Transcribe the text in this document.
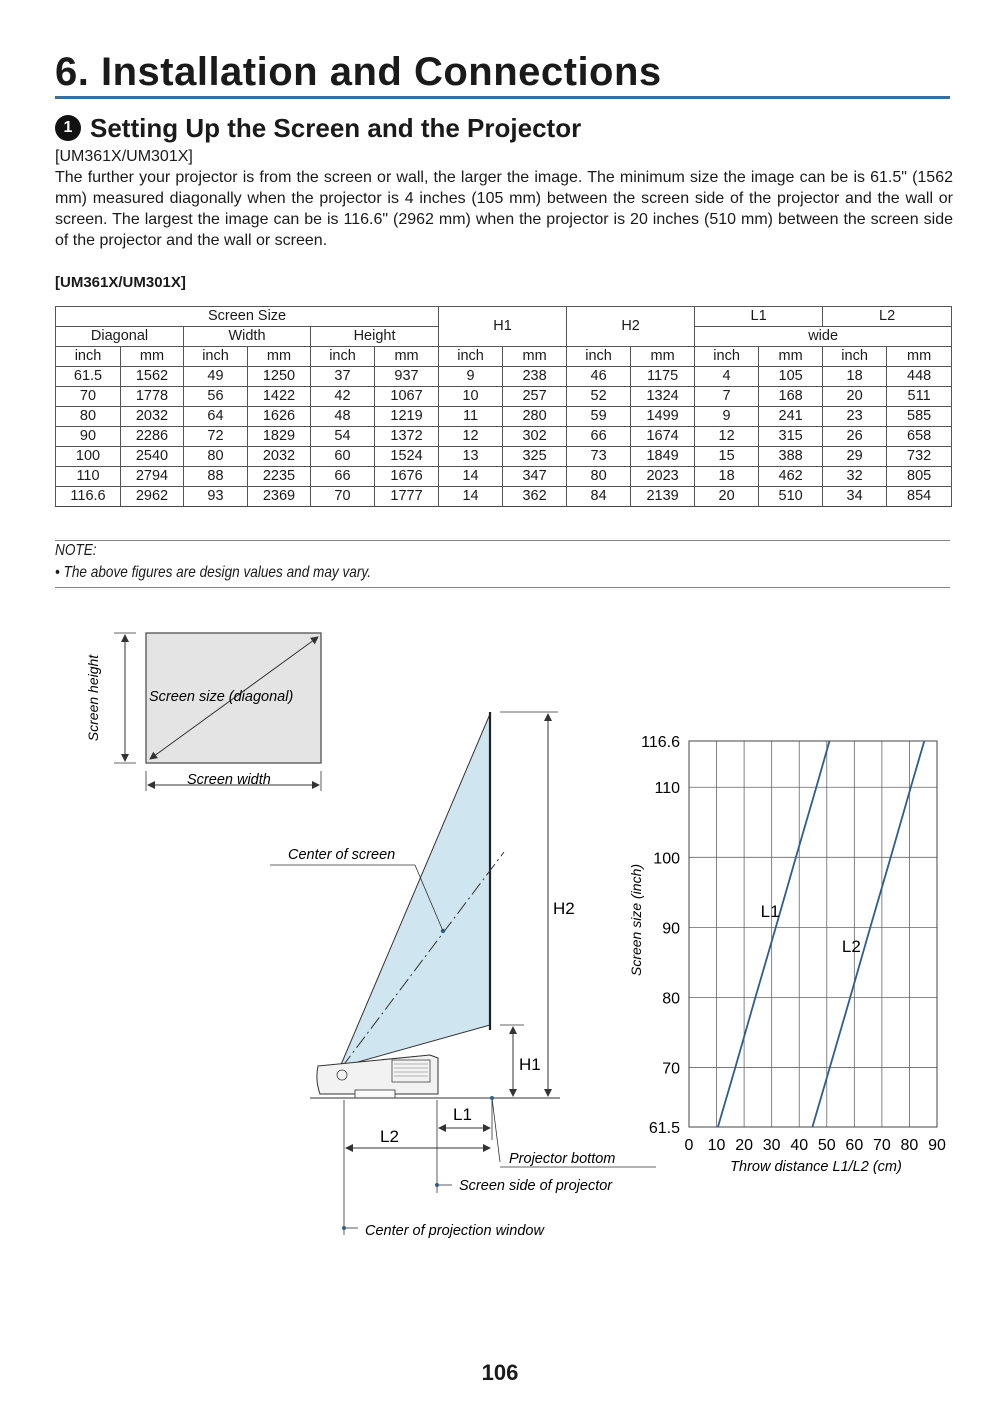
6. Installation and Connections
1 Setting Up the Screen and the Projector

[UM361X/UM301X]

The further your projector is from the screen or wall, the larger the image. The minimum size the image can be is 61.5" (1562 mm) measured diagonally when the projector is 4 inches (105 mm) between the screen side of the projector and the wall or screen. The largest the image can be is 116.6" (2962 mm) when the projector is 20 inches (510 mm) between the screen side of the projector and the wall or screen.

[UM361X/UM301X]
Screen Size						H1		H2		L1		L2	
Diagonal		Width		Height						wide			
inch	mm	inch	mm	inch	mm	inch	mm	inch	mm	inch	mm	inch	mm
61.5	1562	49	1250	37	937	9	238	46	1175	4	105	18	448
70	1778	56	1422	42	1067	10	257	52	1324	7	168	20	511
80	2032	64	1626	48	1219	11	280	59	1499	9	241	23	585
90	2286	72	1829	54	1372	12	302	66	1674	12	315	26	658
100	2540	80	2032	60	1524	13	325	73	1849	15	388	29	732
110	2794	88	2235	66	1676	14	347	80	2023	18	462	32	805
116.6	2962	93	2369	70	1777	14	362	84	2139	20	510	34	854
NOTE:
• The above figures are design values and may vary.
Screen height	Screen size (diagonal)
Screen width
Center of screen
H2
H1
L1
L2
Projector bottom
Screen side of projector
Center of projection window
61.5
70
80
90
100
110
116.6
0 10 20 30 40 50 60 70 80 90
L1
L2
Screen size (inch)
Throw distance L1/L2 (cm)
106
